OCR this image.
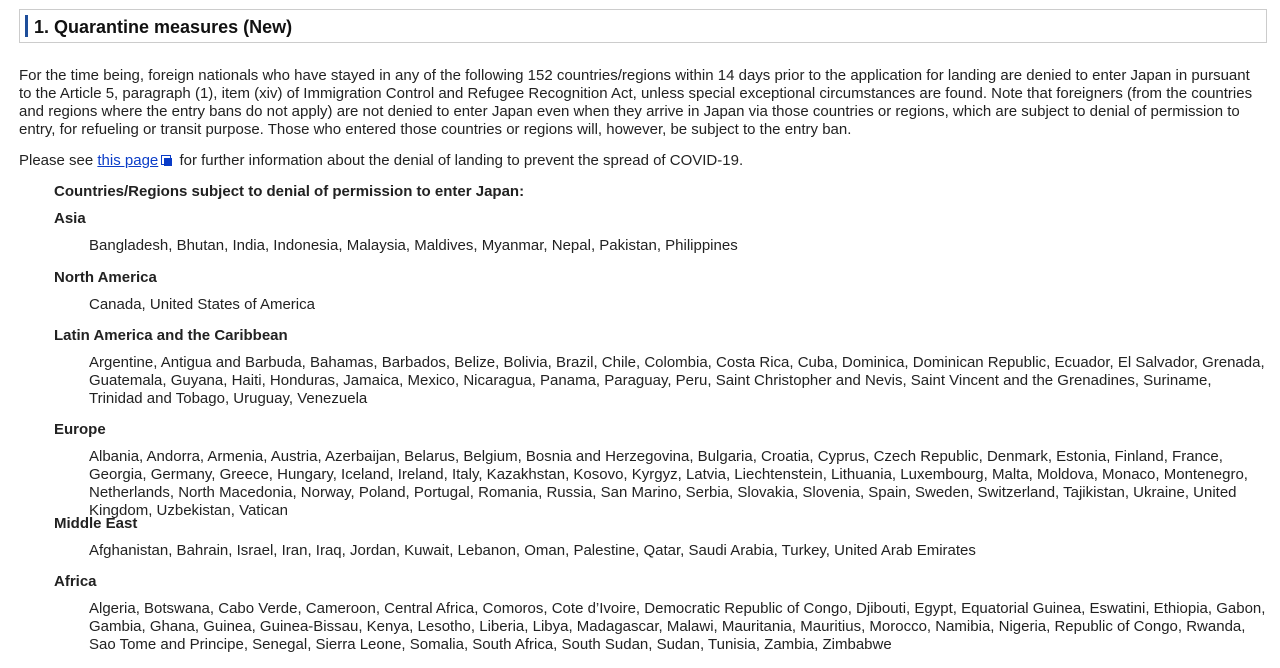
1. Quarantine measures (New)

For the time being, foreign nationals who have stayed in any of the following 152 countries/regions within 14 days prior to the application for landing are denied to enter Japan in pursuant to the Article 5, paragraph (1), item (xiv) of Immigration Control and Refugee Recognition Act, unless special exceptional circumstances are found. Note that foreigners (from the countries and regions where the entry bans do not apply) are not denied to enter Japan even when they arrive in Japan via those countries or regions, which are subject to denial of permission to entry, for refueling or transit purpose. Those who entered those countries or regions will, however, be subject to the entry ban.

Please see this page
for further information about the denial of landing to prevent the spread of COVID-19.

Countries/Regions subject to denial of permission to enter Japan:

Asia

Bangladesh, Bhutan, India, Indonesia, Malaysia, Maldives, Myanmar, Nepal, Pakistan, Philippines

North America

Canada, United States of America

Latin America and the Caribbean

Argentine, Antigua and Barbuda, Bahamas, Barbados, Belize, Bolivia, Brazil, Chile, Colombia, Costa Rica, Cuba, Dominica, Dominican Republic, Ecuador, El Salvador, Grenada, Guatemala, Guyana, Haiti, Honduras, Jamaica, Mexico, Nicaragua, Panama, Paraguay, Peru, Saint Christopher and Nevis, Saint Vincent and the Grenadines, Suriname, Trinidad and Tobago, Uruguay, Venezuela

Europe

Albania, Andorra, Armenia, Austria, Azerbaijan, Belarus, Belgium, Bosnia and Herzegovina, Bulgaria, Croatia, Cyprus, Czech Republic, Denmark, Estonia, Finland, France, Georgia, Germany, Greece, Hungary, Iceland, Ireland, Italy, Kazakhstan, Kosovo, Kyrgyz, Latvia, Liechtenstein, Lithuania, Luxembourg, Malta, Moldova, Monaco, Montenegro, Netherlands, North Macedonia, Norway, Poland, Portugal, Romania, Russia, San Marino, Serbia, Slovakia, Slovenia, Spain, Sweden, Switzerland, Tajikistan, Ukraine, United Kingdom, Uzbekistan, Vatican

Middle East

Afghanistan, Bahrain, Israel, Iran, Iraq, Jordan, Kuwait, Lebanon, Oman, Palestine, Qatar, Saudi Arabia, Turkey, United Arab Emirates

Africa

Algeria, Botswana, Cabo Verde, Cameroon, Central Africa, Comoros, Cote d’Ivoire, Democratic Republic of Congo, Djibouti, Egypt, Equatorial Guinea, Eswatini, Ethiopia, Gabon, Gambia, Ghana, Guinea, Guinea-Bissau, Kenya, Lesotho, Liberia, Libya, Madagascar, Malawi, Mauritania, Mauritius, Morocco, Namibia, Nigeria, Republic of Congo, Rwanda, Sao Tome and Principe, Senegal, Sierra Leone, Somalia, South Africa, South Sudan, Sudan, Tunisia, Zambia, Zimbabwe
